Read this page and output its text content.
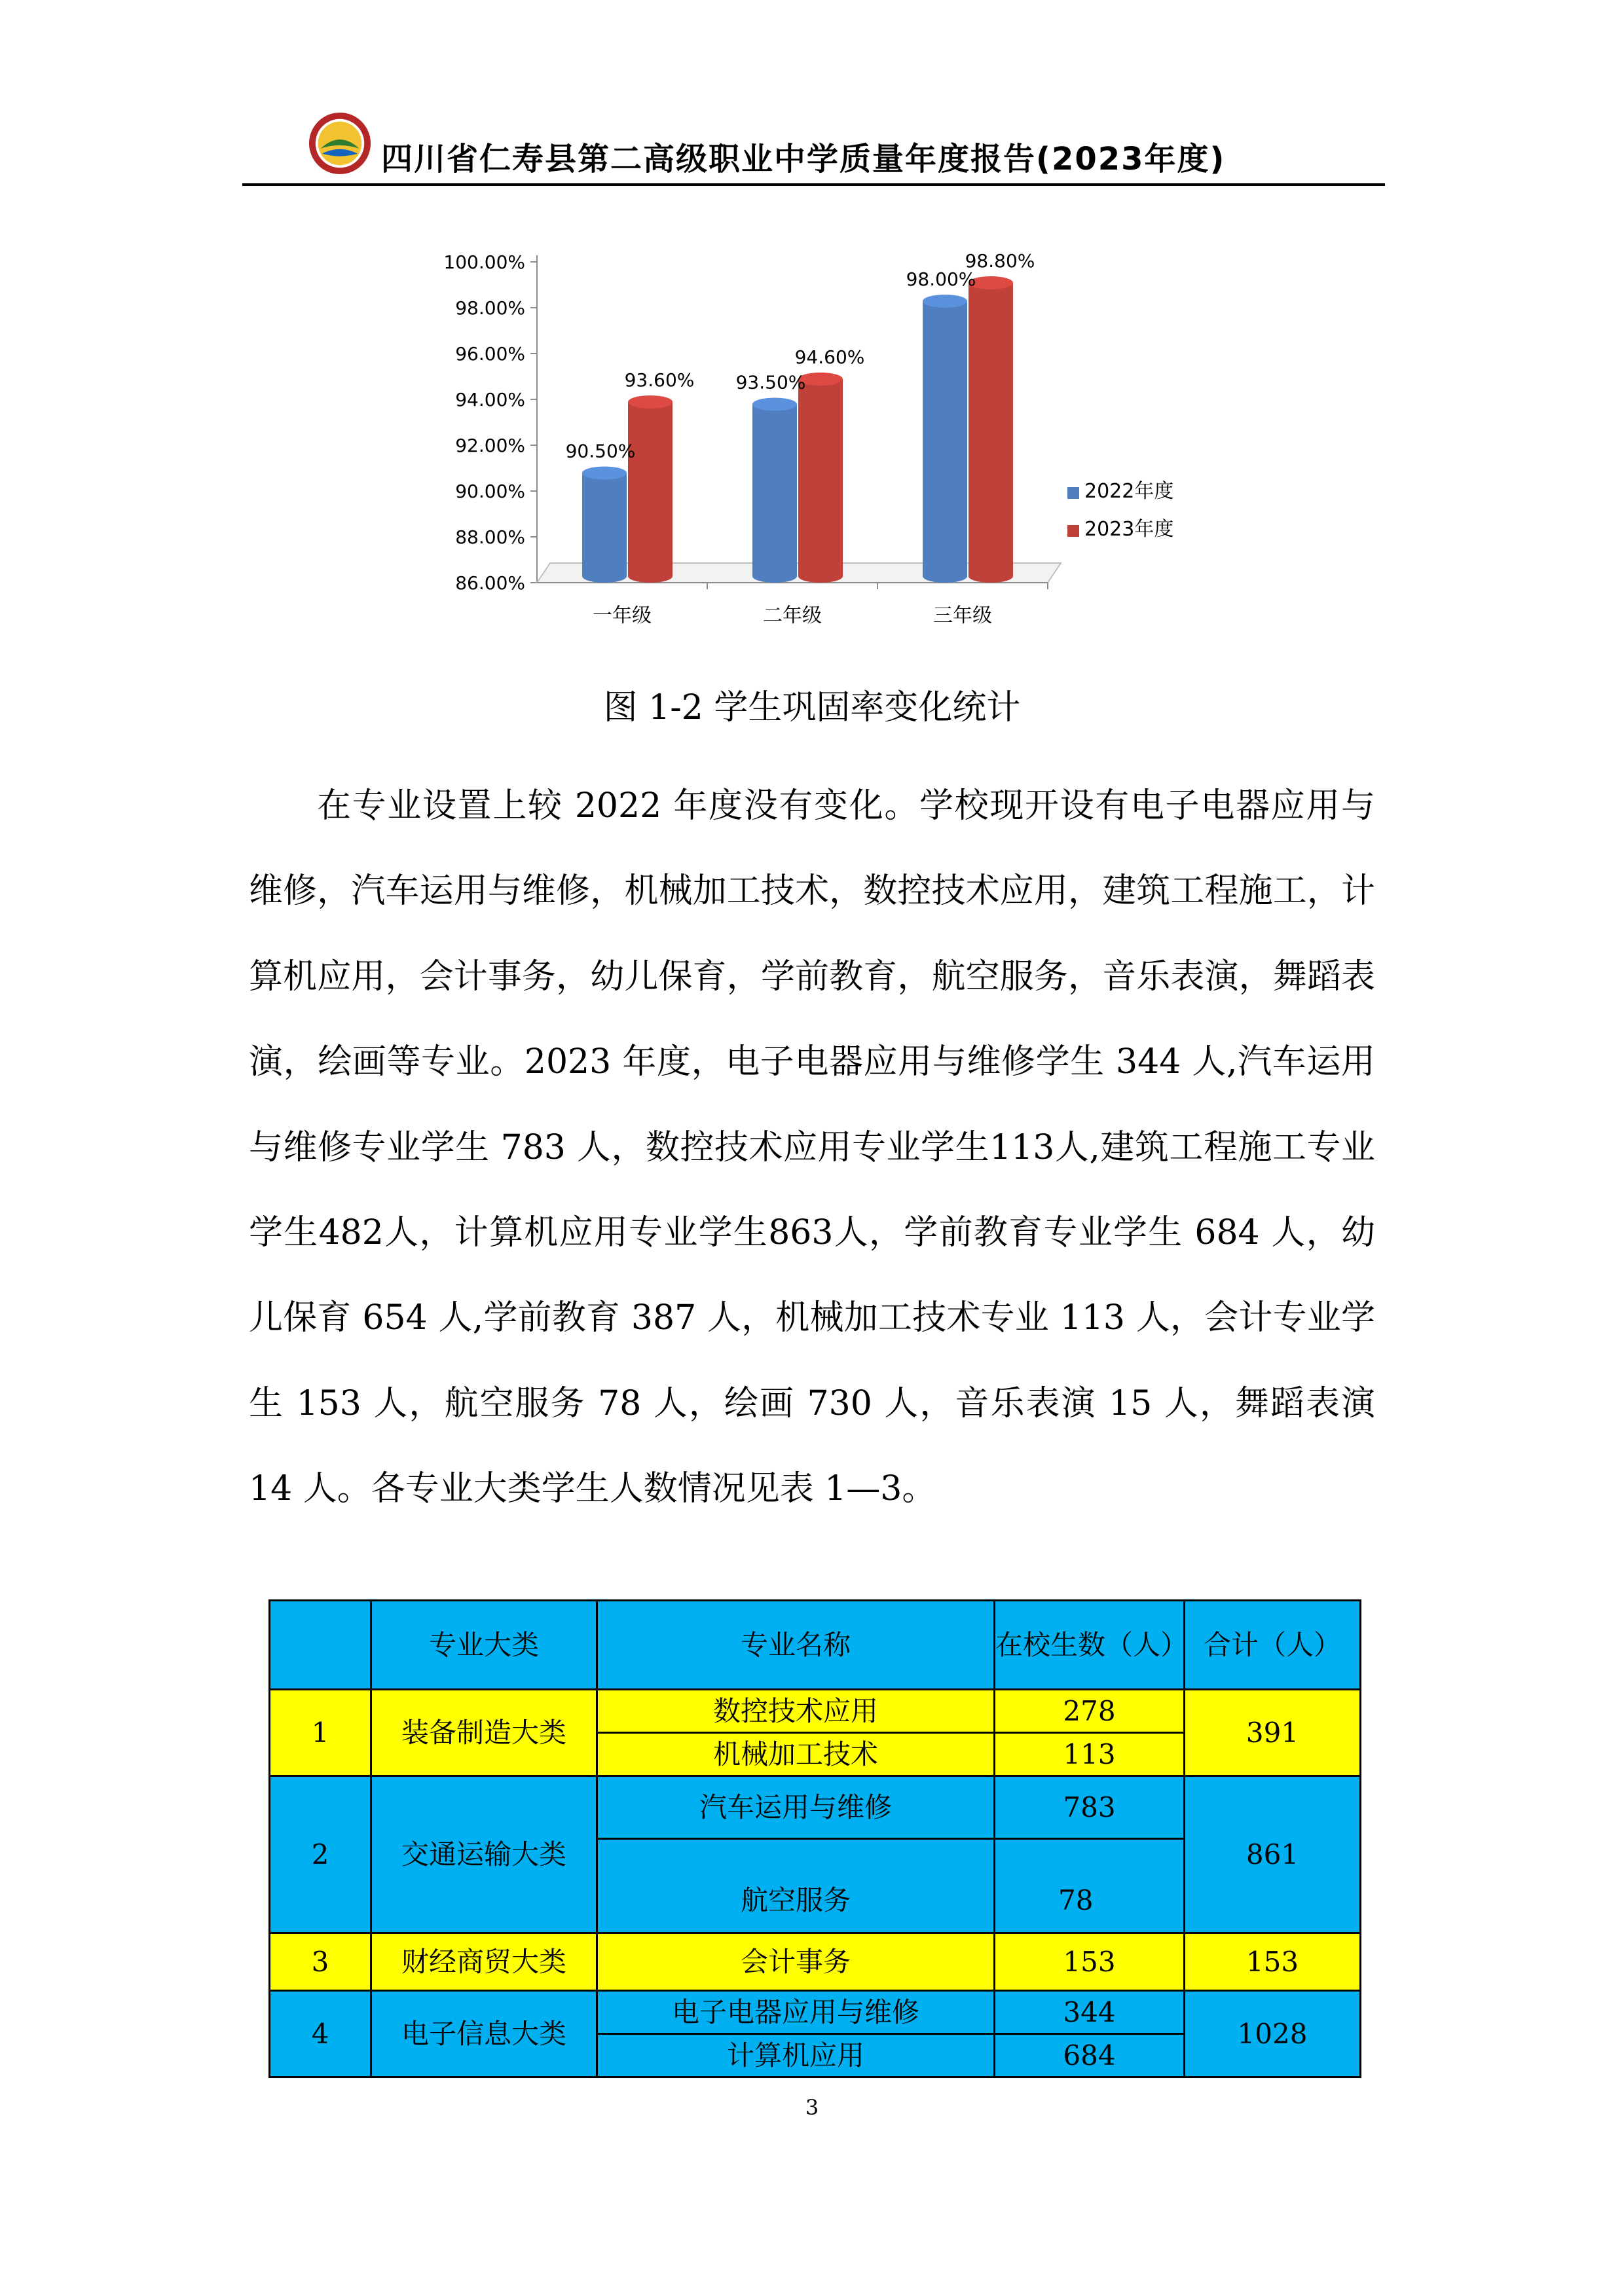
四川省仁寿县第二高级职业中学质量年度报告(2023年度)
86.00%
88.00%
90.00%
92.00%
94.00%
96.00%
98.00%
100.00%
一年级
90.50%
93.60%
二年级
93.50%
94.60%
三年级
98.00%
98.80%
2022年度
2023年度
图 1-2 学生巩固率变化统计

在专业设置上较 2022 年度没有变化。学校现开设有电子电器应用与维修，汽车运用与维修，机械加工技术，数控技术应用，建筑工程施工，计算机应用，会计事务，幼儿保育，学前教育，航空服务，音乐表演，舞蹈表演，绘画等专业。2023 年度，电子电器应用与维修学生 344 人,汽车运用与维修专业学生 783 人，数控技术应用专业学生113人,建筑工程施工专业学生482人，计算机应用专业学生863人，学前教育专业学生 684 人，幼儿保育 654 人,学前教育 387 人，机械加工技术专业 113 人，会计专业学生 153 人，航空服务 78 人，绘画 730 人，音乐表演 15 人，舞蹈表演 14 人。各专业大类学生人数情况见表 1—3。

	专业大类	专业名称	在校生数（人）	合计（人）
1	装备制造大类	数控技术应用	278	391
		机械加工技术	113	
2	交通运输大类	汽车运用与维修	783	861
		航空服务	78	
3	财经商贸大类	会计事务	153	153
4	电子信息大类	电子电器应用与维修	344	1028
		计算机应用	684	
3
